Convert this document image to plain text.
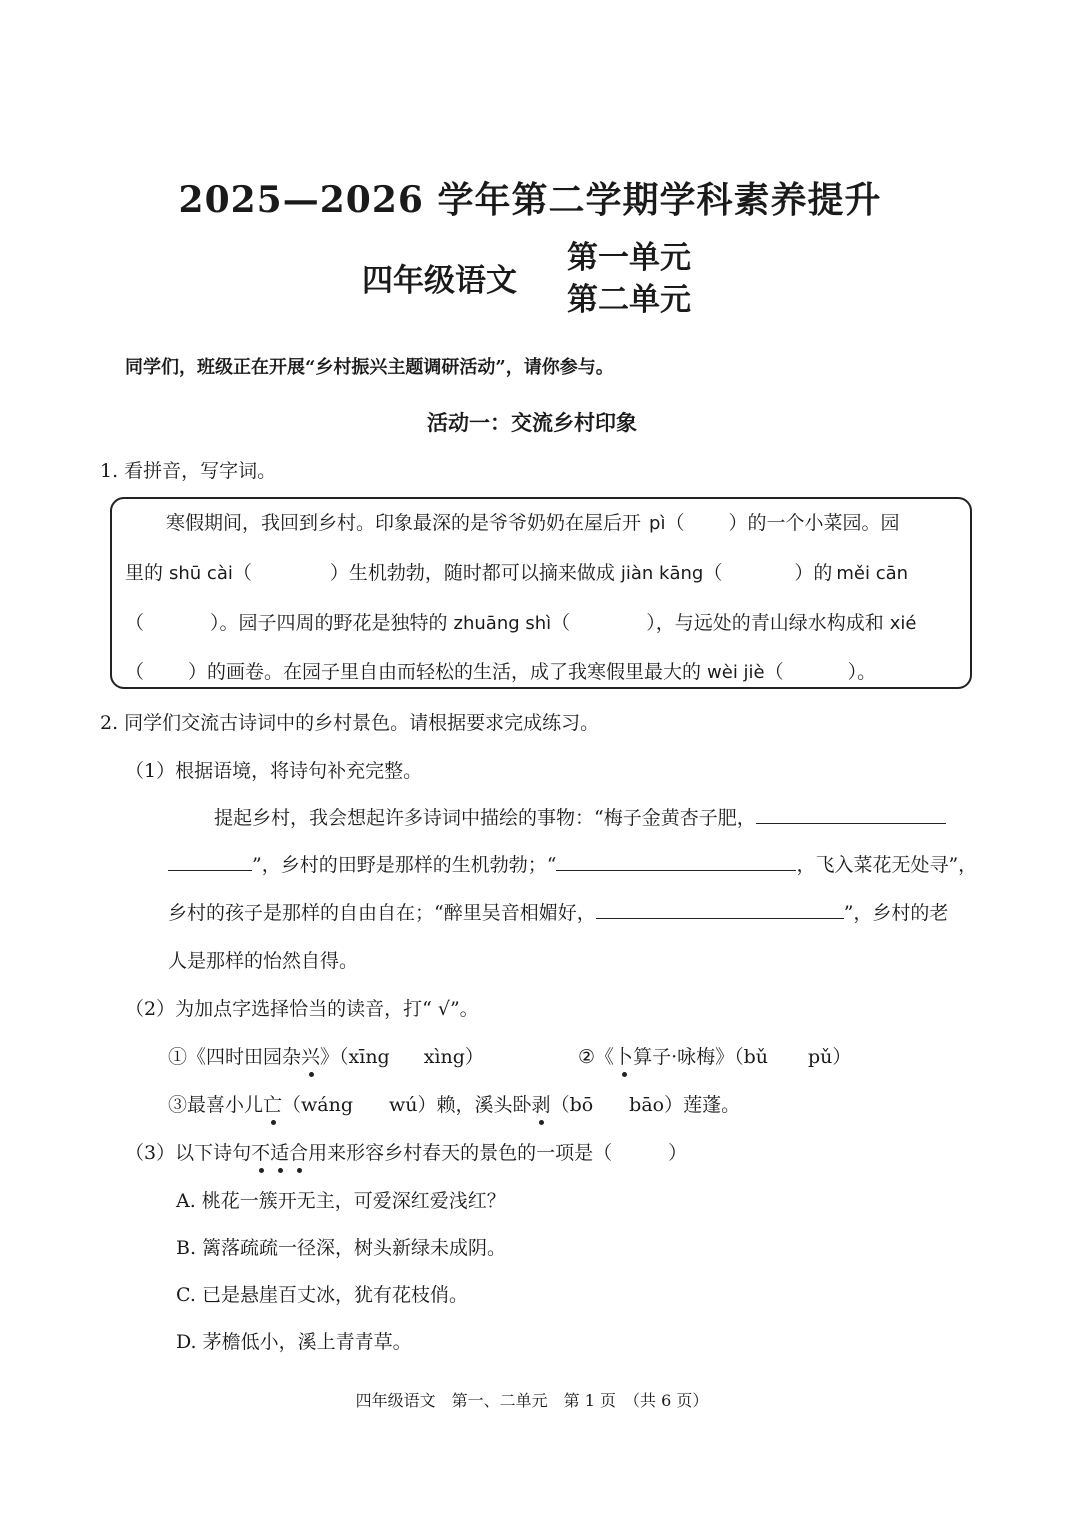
2025—2026 学年第二学期学科素养提升
四年级语文
第一单元
第二单元
同学们，班级正在开展“乡村振兴主题调研活动”，请你参与。
活动一：交流乡村印象
1. 看拼音，写字词。
寒假期间，我回到乡村。印象最深的是爷爷奶奶在屋后开 pì（ ）的一个小菜园。园
里的 shū cài（	）生机勃勃，随时都可以摘来做成 jiàn kāng（	）的 měi cān
（	）。园子四周的野花是独特的 zhuāng shì（	），与远处的青山绿水构成和 xié
（ ）的画卷。在园子里自由而轻松的生活，成了我寒假里最大的 wèi jiè（	）。
2. 同学们交流古诗词中的乡村景色。请根据要求完成练习。
（1）根据语境，将诗句补充完整。
提起乡村，我会想起许多诗词中描绘的事物：“梅子金黄杏子肥，
”，乡村的田野是那样的生机勃勃；“	，飞入菜花无处寻”，
乡村的孩子是那样的自由自在；“醉里吴音相媚好，	”，乡村的老
人是那样的怡然自得。
（2）为加点字选择恰当的读音，打“ √”。
①《四时田园杂兴》（xīng xìng）	②《卜算子·咏梅》（bǔ pǔ）
③最喜小儿亡（wáng wú）赖，溪头卧剥（bō bāo）莲蓬。
（3）以下诗句不适合用来形容乡村春天的景色的一项是（	）
A. 桃花一簇开无主，可爱深红爱浅红？
B. 篱落疏疏一径深，树头新绿未成阴。
C. 已是悬崖百丈冰，犹有花枝俏。
D. 茅檐低小，溪上青青草。
四年级语文　第一、二单元　第 1 页　（共 6 页）
